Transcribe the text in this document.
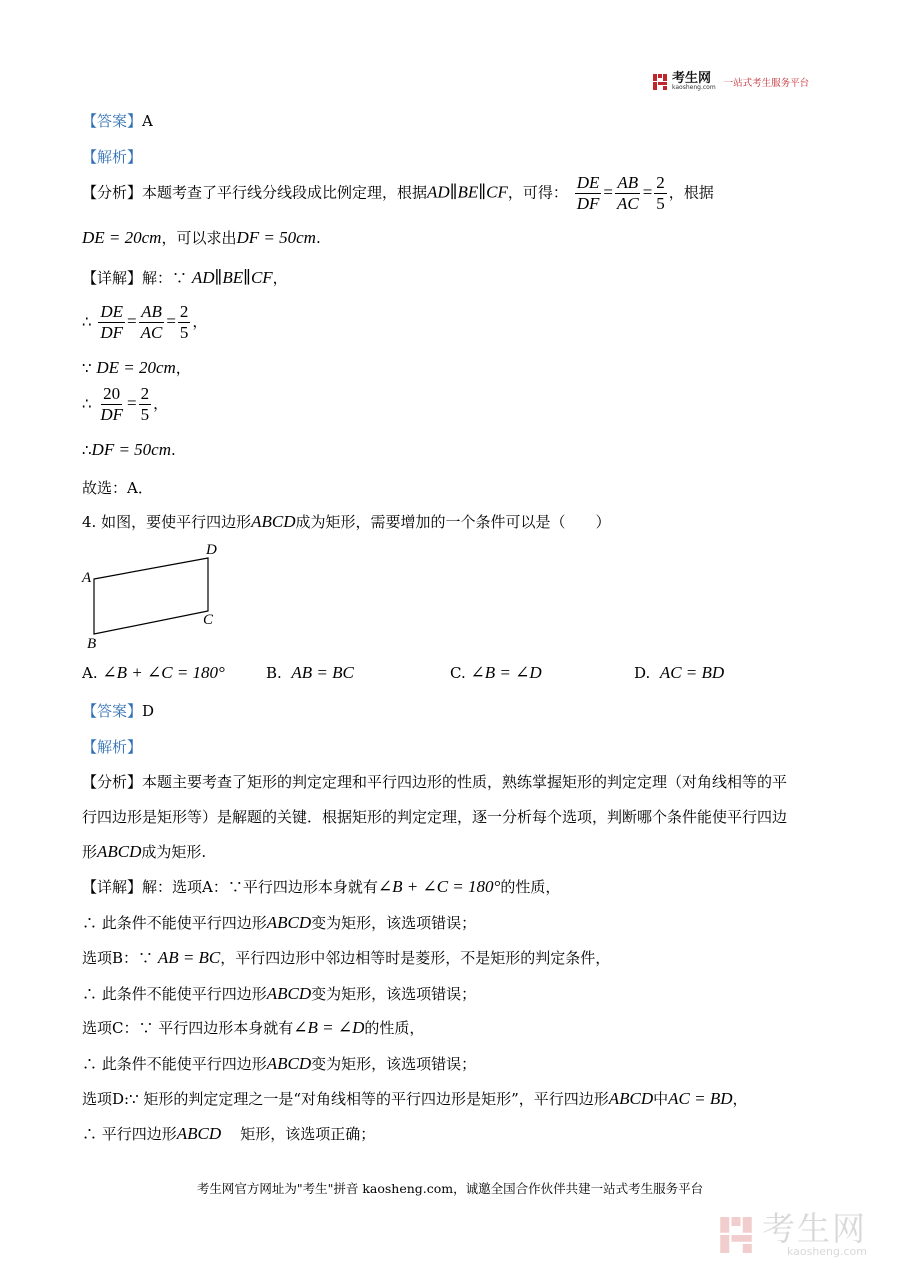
考生网
kaosheng.com 一站式考生服务平台
【答案】A
【解析】
【分析】本题考查了平行线分线段成比例定理，根据AD∥BE∥CF，可得： $\frac{DE}{DF} = \frac{AB}{AC} = \frac{2}{5}$ ，根据
DE = 20cm，可以求出DF = 50cm.
【详解】解：∵ AD∥BE∥CF，
∴ $\frac{DE}{DF} = \frac{AB}{AC} = \frac{2}{5}$ ，
∵ DE = 20cm，
∴ $\frac{20}{DF} = \frac{2}{5}$ ，
∴DF = 50cm.
故选：A．
4. 如图，要使平行四边形ABCD成为矩形，需要增加的一个条件可以是（　　）
A
D
C
B
A. ∠B + ∠C = 180°	B. AB = BC	C. ∠B = ∠D	D. AC = BD
【答案】D
【解析】
【分析】本题主要考查了矩形的判定定理和平行四边形的性质，熟练掌握矩形的判定定理（对角线相等的平
行四边形是矩形等）是解题的关键．根据矩形的判定定理，逐一分析每个选项，判断哪个条件能使平行四边
形ABCD成为矩形.
【详解】解：选项A：∵平行四边形本身就有∠B + ∠C = 180°的性质，
∴ 此条件不能使平行四边形ABCD变为矩形，该选项错误；
选项B：∵ AB = BC，平行四边形中邻边相等时是菱形，不是矩形的判定条件，
∴ 此条件不能使平行四边形ABCD变为矩形，该选项错误；
选项C：∵ 平行四边形本身就有∠B = ∠D的性质，
∴ 此条件不能使平行四边形ABCD变为矩形，该选项错误；
选项D:∵ 矩形的判定定理之一是“对角线相等的平行四边形是矩形”，平行四边形ABCD中AC = BD，
∴ 平行四边形ABCD 矩形，该选项正确；
考生网官方网址为"考生"拼音 kaosheng.com，诚邀全国合作伙伴共建一站式考生服务平台
考生网
kaosheng.com
